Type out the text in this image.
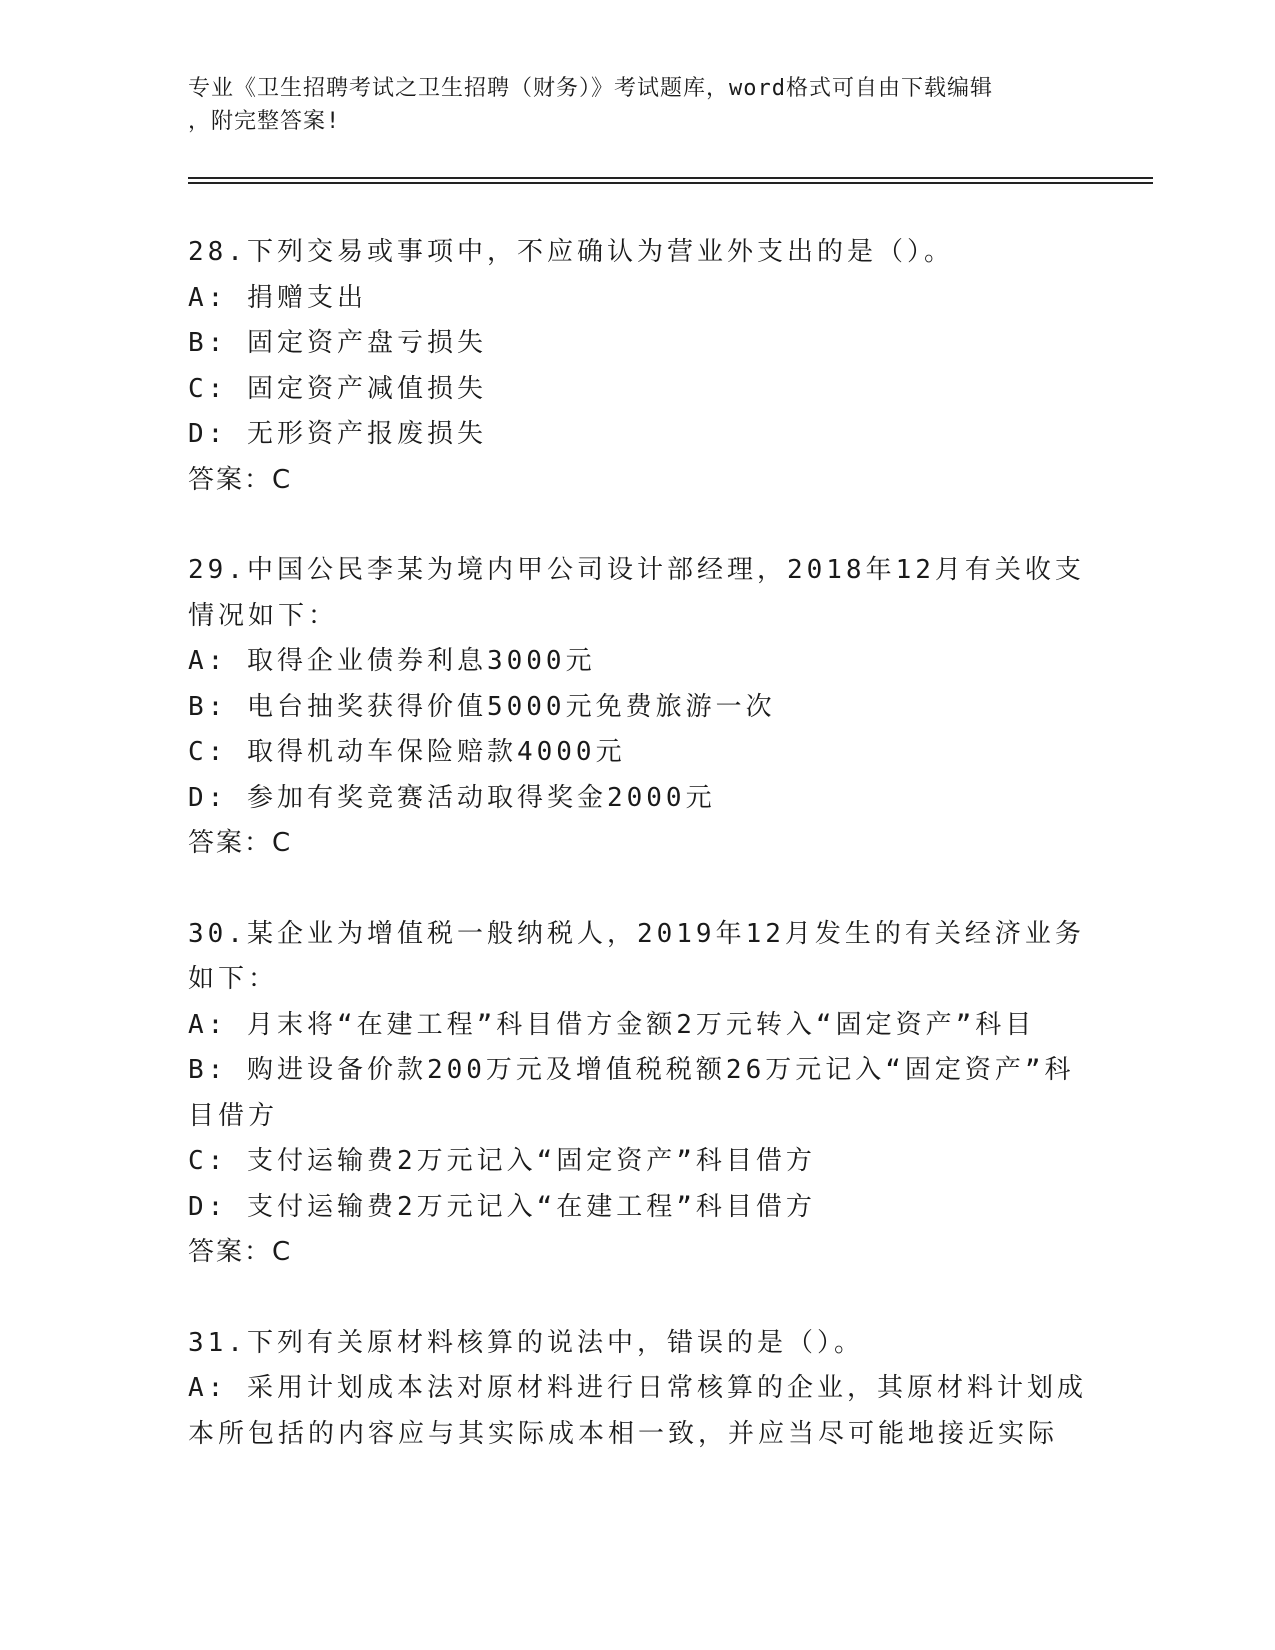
专业《卫生招聘考试之卫生招聘（财务）》考试题库，word格式可自由下载编辑
，附完整答案!
28.下列交易或事项中，不应确认为营业外支出的是（）。
A: 捐赠支出
B: 固定资产盘亏损失
C: 固定资产减值损失
D: 无形资产报废损失
答案：C
29.中国公民李某为境内甲公司设计部经理，2018年12月有关收支情况如下：
A: 取得企业债券利息3000元
B: 电台抽奖获得价值5000元免费旅游一次
C: 取得机动车保险赔款4000元
D: 参加有奖竞赛活动取得奖金2000元
答案：C
30.某企业为增值税一般纳税人，2019年12月发生的有关经济业务如下：
A: 月末将“在建工程”科目借方金额2万元转入“固定资产”科目
B: 购进设备价款200万元及增值税税额26万元记入“固定资产”科目借方
C: 支付运输费2万元记入“固定资产”科目借方
D: 支付运输费2万元记入“在建工程”科目借方
答案：C
31.下列有关原材料核算的说法中，错误的是（）。
A: 采用计划成本法对原材料进行日常核算的企业，其原材料计划成本所包括的内容应与其实际成本相一致，并应当尽可能地接近实际
